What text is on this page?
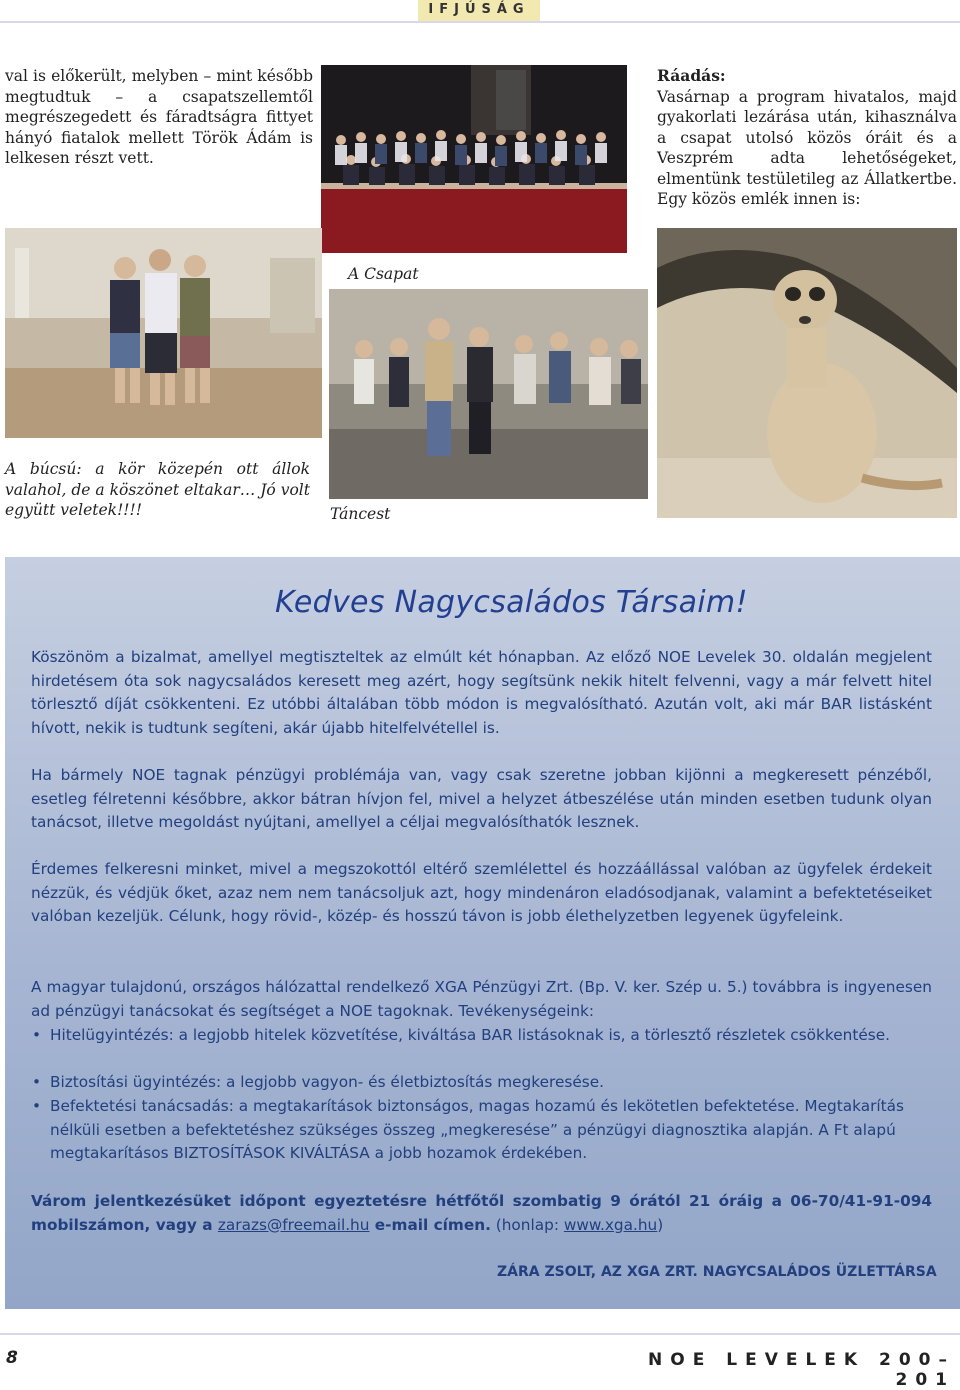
IFJÚSÁG
val is előkerült, melyben – mint később megtudtuk – a csapatszellemtől megrészegedett és fáradtságra fittyet hányó fiatalok mellett Török Ádám is lelkesen részt vett.
Ráadás:
Vasárnap a program hivatalos, majd gyakorlati lezárása után, kihasználva a csapat utolsó közös óráit és a Veszprém adta lehetőségeket, elmentünk testületileg az Állatkertbe. Egy közös emlék innen is:
A Csapat
A búcsú: a kör közepén ott állok valahol, de a köszönet eltakar… Jó volt együtt veletek!!!!	Táncest
Kedves Nagycsaládos Társaim!
Köszönöm a bizalmat, amellyel megtiszteltek az elmúlt két hónapban. Az előző NOE Levelek 30. oldalán megjelent hirdetésem óta sok nagycsaládos keresett meg azért, hogy segítsünk nekik hitelt felvenni, vagy a már felvett hitel törlesztő díját csökkenteni. Ez utóbbi általában több módon is megvalósítható. Azután volt, aki már BAR listásként hívott, nekik is tudtunk segíteni, akár újabb hitelfelvétellel is.
Ha bármely NOE tagnak pénzügyi problémája van, vagy csak szeretne jobban kijönni a megkeresett pénzéből, esetleg félretenni későbbre, akkor bátran hívjon fel, mivel a helyzet átbeszélése után minden esetben tudunk olyan tanácsot, illetve megoldást nyújtani, amellyel a céljai megvalósíthatók lesznek.
Érdemes felkeresni minket, mivel a megszokottól eltérő szemlélettel és hozzáállással valóban az ügyfelek érdekeit nézzük, és védjük őket, azaz nem nem tanácsoljuk azt, hogy mindenáron eladósodjanak, valamint a befektetéseiket valóban kezeljük. Célunk, hogy rövid-, közép- és hosszú távon is jobb élethelyzetben legyenek ügyfeleink.
A magyar tulajdonú, országos hálózattal rendelkező XGA Pénzügyi Zrt. (Bp. V. ker. Szép u. 5.) továbbra is ingyenesen ad pénzügyi tanácsokat és segítséget a NOE tagoknak. Tevékenységeink:
• Hitelügyintézés: a legjobb hitelek közvetítése, kiváltása BAR listásoknak is, a törlesztő részletek csökkentése.
• Biztosítási ügyintézés: a legjobb vagyon- és életbiztosítás megkeresése.
• Befektetési tanácsadás: a megtakarítások biztonságos, magas hozamú és lekötetlen befektetése. Megtakarítás nélküli esetben a befektetéshez szükséges összeg „megkeresése” a pénzügyi diagnosztika alapján. A Ft alapú megtakarításos BIZTOSÍTÁSOK KIVÁLTÁSA a jobb hozamok érdekében.
Várom jelentkezésüket időpont egyeztetésre hétfőtől szombatig 9 órától 21 óráig a 06-70/41-91-094 mobilszámon, vagy a zarazs@freemail.hu e-mail címen. (honlap: www.xga.hu)
ZÁRA ZSOLT, AZ XGA ZRT. NAGYCSALÁDOS ÜZLETTÁRSA
8	NOE LEVELEK 200–201
